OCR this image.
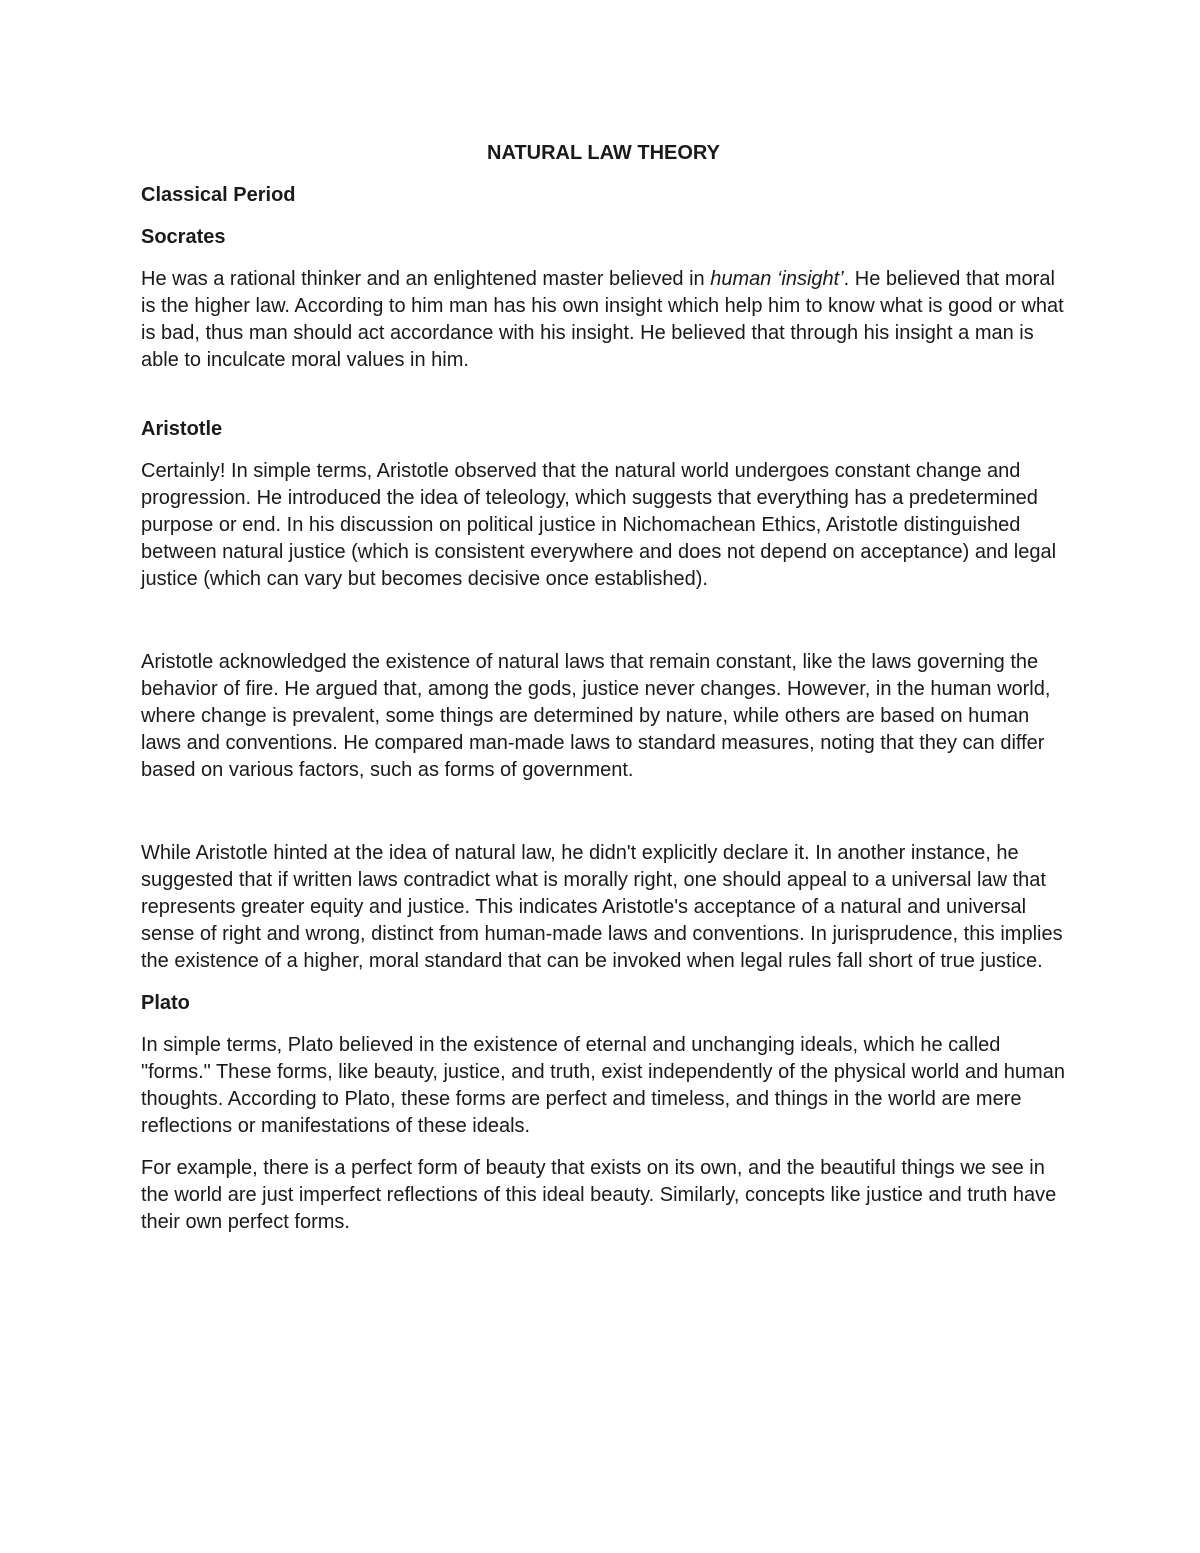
NATURAL LAW THEORY
Classical Period
Socrates

He was a rational thinker and an enlightened master believed in human ‘insight’. He believed that moral is the higher law. According to him man has his own insight which help him to know what is good or what is bad, thus man should act accordance with his insight. He believed that through his insight a man is able to inculcate moral values in him.

Aristotle

Certainly! In simple terms, Aristotle observed that the natural world undergoes constant change and progression. He introduced the idea of teleology, which suggests that everything has a predetermined purpose or end. In his discussion on political justice in Nichomachean Ethics, Aristotle distinguished between natural justice (which is consistent everywhere and does not depend on acceptance) and legal justice (which can vary but becomes decisive once established).

Aristotle acknowledged the existence of natural laws that remain constant, like the laws governing the behavior of fire. He argued that, among the gods, justice never changes. However, in the human world, where change is prevalent, some things are determined by nature, while others are based on human laws and conventions. He compared man-made laws to standard measures, noting that they can differ based on various factors, such as forms of government.

While Aristotle hinted at the idea of natural law, he didn't explicitly declare it. In another instance, he suggested that if written laws contradict what is morally right, one should appeal to a universal law that represents greater equity and justice. This indicates Aristotle's acceptance of a natural and universal sense of right and wrong, distinct from human-made laws and conventions. In jurisprudence, this implies the existence of a higher, moral standard that can be invoked when legal rules fall short of true justice.

Plato

In simple terms, Plato believed in the existence of eternal and unchanging ideals, which he called "forms." These forms, like beauty, justice, and truth, exist independently of the physical world and human thoughts. According to Plato, these forms are perfect and timeless, and things in the world are mere reflections or manifestations of these ideals.

For example, there is a perfect form of beauty that exists on its own, and the beautiful things we see in the world are just imperfect reflections of this ideal beauty. Similarly, concepts like justice and truth have their own perfect forms.
